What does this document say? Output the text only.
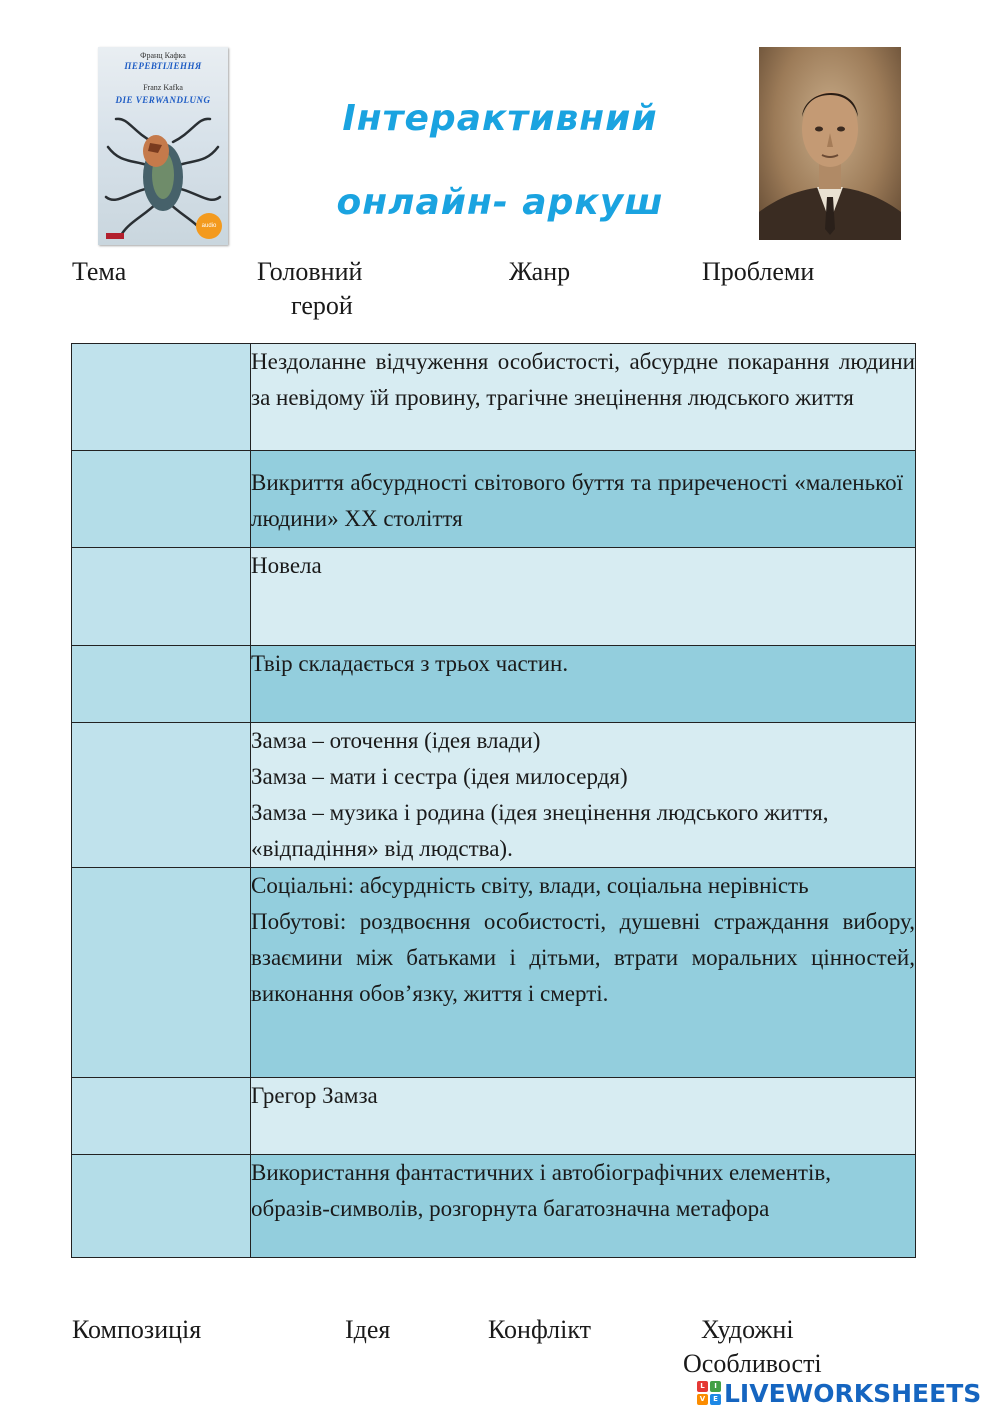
Франц Кафка
ПЕРЕВТІЛЕННЯ
Franz Kafka
DIE VERWANDLUNG
audio
Інтерактивний
онлайн- аркуш
Тема	Головний
герой
Жанр	Проблеми

	Нездоланне відчуження особистості, абсурдне покарання людини за невідому їй провину, трагічне знецінення людського життя

	Викриття абсурдності світового буття та приреченості «маленької людини» ХХ століття

	Новела

	Твір складається з трьох частин.

	Замза – оточення (ідея влади)
Замза – мати і сестра (ідея милосердя)
Замза – музика і родина (ідея знецінення людського життя, «відпадіння» від людства).

	Соціальні: абсурдність світу, влади, соціальна нерівність
Побутові: роздвоєння особистості, душевні страждання вибору, взаємини між батьками і дітьми, втрати моральних цінностей, виконання обов’язку, життя і смерті.

	Грегор Замза

	Використання фантастичних і автобіографічних елементів, образів-символів, розгорнута багатозначна метафора
Композиція	Ідея	Конфлікт	Художні
Особливості
L	I
V	E LIVEWORKSHEETS
